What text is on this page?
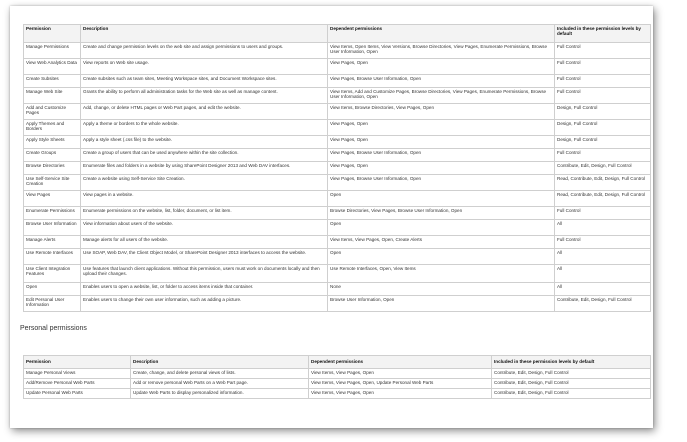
Permission	Description	Dependent permissions	Included in these permission levels by default
Manage Permissions	Create and change permission levels on the web site and assign permissions to users and groups.	View Items, Open Items, View Versions, Browse Directories, View Pages, Enumerate Permissions, Browse User Information, Open	Full Control
View Web Analytics Data	View reports on Web site usage.	View Pages, Open	Full Control
Create Subsites	Create subsites such as team sites, Meeting Workspace sites, and Document Workspace sites.	View Pages, Browse User Information, Open	Full Control
Manage Web Site	Grants the ability to perform all administration tasks for the Web site as well as manage content.	View Items, Add and Customize Pages, Browse Directories, View Pages, Enumerate Permissions, Browse User Information, Open	Full Control
Add and Customize Pages	Add, change, or delete HTML pages or Web Part pages, and edit the website.	View Items, Browse Directories, View Pages, Open	Design, Full Control
Apply Themes and Borders	Apply a theme or borders to the whole website.	View Pages, Open	Design, Full Control
Apply Style Sheets	Apply a style sheet (.css file) to the website.	View Pages, Open	Design, Full Control
Create Groups	Create a group of users that can be used anywhere within the site collection.	View Pages, Browse User Information, Open	Full Control
Browse Directories	Enumerate files and folders in a website by using SharePoint Designer 2013 and Web DAV interfaces.	View Pages, Open	Contribute, Edit, Design, Full Control
Use Self-Service Site Creation	Create a website using Self-Service Site Creation.	View Pages, Browse User Information, Open	Read, Contribute, Edit, Design, Full Control
View Pages	View pages in a website.	Open	Read, Contribute, Edit, Design, Full Control
Enumerate Permissions	Enumerate permissions on the website, list, folder, document, or list item.	Browse Directories, View Pages, Browse User Information, Open	Full Control
Browse User Information	View information about users of the website.	Open	All
Manage Alerts	Manage alerts for all users of the website.	View Items, View Pages, Open, Create Alerts	Full Control
Use Remote Interfaces	Use SOAP, Web DAV, the Client Object Model, or SharePoint Designer 2013 interfaces to access the website.	Open	All
Use Client Integration Features	Use features that launch client applications. Without this permission, users must work on documents locally and then upload their changes.	Use Remote Interfaces, Open, View Items	All
Open	Enables users to open a website, list, or folder to access items inside that container.	None	All
Edit Personal User Information	Enables users to change their own user information, such as adding a picture.	Browse User Information, Open	Contribute, Edit, Design, Full Control
Personal permissions
Permission	Description	Dependent permissions	Included in these permission levels by default
Manage Personal Views	Create, change, and delete personal views of lists.	View Items, View Pages, Open	Contribute, Edit, Design, Full Control
Add/Remove Personal Web Parts	Add or remove personal Web Parts on a Web Part page.	View Items, View Pages, Open, Update Personal Web Parts	Contribute, Edit, Design, Full Control
Update Personal Web Parts	Update Web Parts to display personalized information.	View Items, View Pages, Open	Contribute, Edit, Design, Full Control
